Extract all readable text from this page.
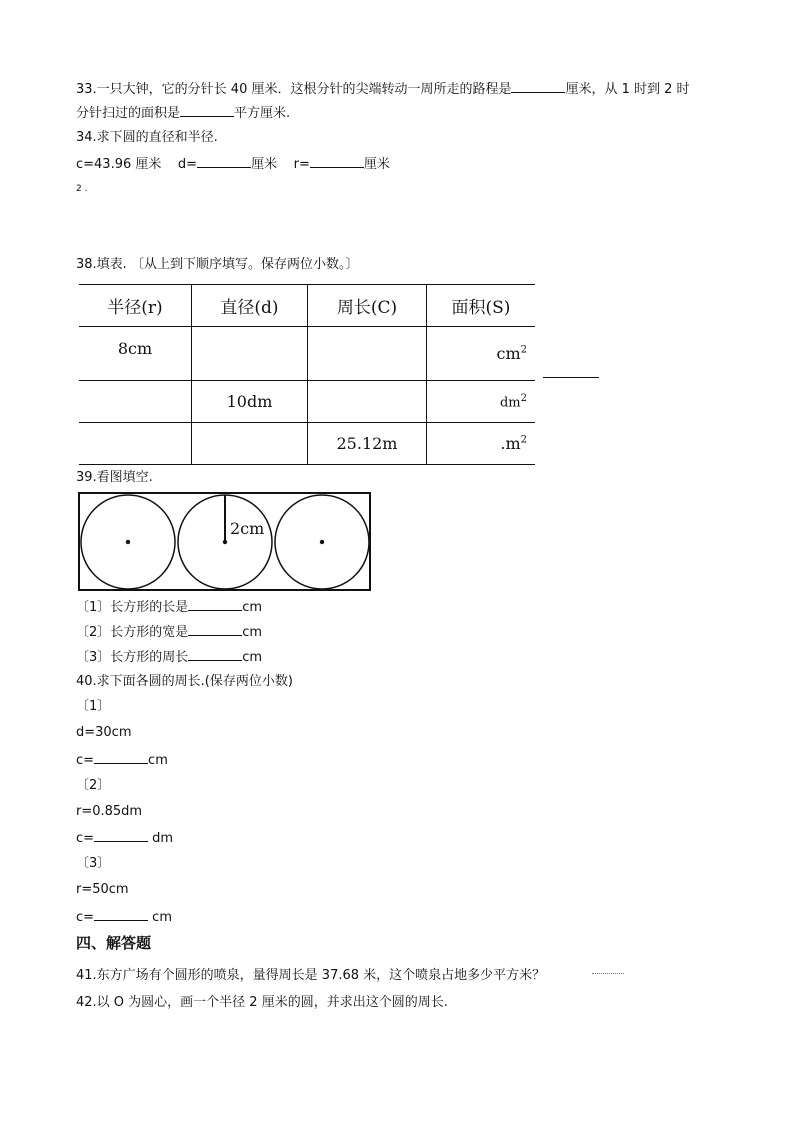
33.一只大钟，它的分针长 40 厘米．这根分针的尖端转动一周所走的路程是	厘米，从 1 时到 2 时
分针扫过的面积是	平方厘米.
34.求下圆的直径和半径.
c=43.96 厘米 d=	厘米 r=	厘米
2 .
38.填表. 〔从上到下顺序填写。保存两位小数。〕
半径(r)	直径(d)	周长(C)	面积(S)
8cm			$cm^2$
	10dm		$dm^2$
		25.12m	$.m^2$
39.看图填空.
2cm
〔1〕长方形的长是	cm
〔2〕长方形的宽是	cm
〔3〕长方形的周长	cm
40.求下面各圆的周长.(保存两位小数)
〔1〕
d=30cm
c=	cm
〔2〕
r=0.85dm
c=	dm
〔3〕
r=50cm
c=	cm
四、解答题
41.东方广场有个圆形的喷泉，量得周长是 37.68 米，这个喷泉占地多少平方米？
42.以 O 为圆心，画一个半径 2 厘米的圆，并求出这个圆的周长.
